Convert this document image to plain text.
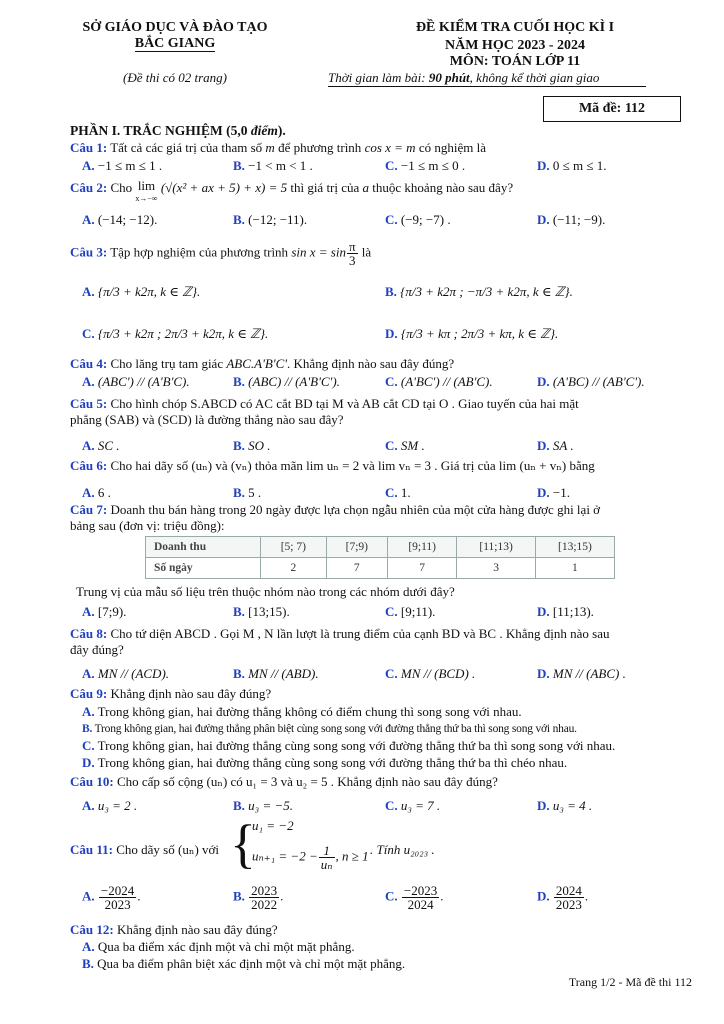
SỞ GIÁO DỤC VÀ ĐÀO TẠO
BẮC GIANG
(Đề thi có 02 trang)
ĐỀ KIỂM TRA CUỐI HỌC KÌ I
NĂM HỌC 2023 - 2024
MÔN: TOÁN LỚP 11
Thời gian làm bài: 90 phút, không kể thời gian giao
Mã đề: 112
PHẦN I. TRẮC NGHIỆM (5,0 điểm).
Câu 1: Tất cả các giá trị của tham số m để phương trình cos x = m có nghiệm là
A. −1 ≤ m ≤ 1 .	B. −1 < m < 1 .	C. −1 ≤ m ≤ 0 .	D. 0 ≤ m ≤ 1.
Câu 2: Cho lim
x→−∞ (√(x² + ax + 5) + x) = 5 thì giá trị của a thuộc khoảng nào sau đây?
A. (−14; −12).	B. (−12; −11).	C. (−9; −7) .	D. (−11; −9).
Câu 3: Tập hợp nghiệm của phương trình $\sin x = \sin \frac{\pi}{3}$ là
A. {π/3 + k2π, k ∈ ℤ}.	B. {π/3 + k2π ; −π/3 + k2π, k ∈ ℤ}.
C. {π/3 + k2π ; 2π/3 + k2π, k ∈ ℤ}.	D. {π/3 + kπ ; 2π/3 + kπ, k ∈ ℤ}.
Câu 4: Cho lăng trụ tam giác ABC.A'B'C'. Khẳng định nào sau đây đúng?
A. (ABC') // (A'B'C).	B. (ABC) // (A'B'C').	C. (A'BC') // (AB'C).	D. (A'BC) // (AB'C').
Câu 5: Cho hình chóp S.ABCD có AC cắt BD tại M và AB cắt CD tại O . Giao tuyến của hai mặt
phẳng (SAB) và (SCD) là đường thẳng nào sau đây?
A. SC .	B. SO .	C. SM .	D. SA .
Câu 6: Cho hai dãy số (uₙ) và (vₙ) thỏa mãn lim uₙ = 2 và lim vₙ = 3 . Giá trị của lim (uₙ + vₙ) bằng
A. 6 .	B. 5 .	C. 1.	D. −1.
Câu 7: Doanh thu bán hàng trong 20 ngày được lựa chọn ngẫu nhiên của một cửa hàng được ghi lại ở
bảng sau (đơn vị: triệu đồng):
Doanh thu	[5; 7)	[7;9)	[9;11)	[11;13)	[13;15)
Số ngày	2	7	7	3	1
Trung vị của mẫu số liệu trên thuộc nhóm nào trong các nhóm dưới đây?
A. [7;9).	B. [13;15).	C. [9;11).	D. [11;13).
Câu 8: Cho tứ diện ABCD . Gọi M , N lần lượt là trung điểm của cạnh BD và BC . Khẳng định nào sau
đây đúng?
A. MN // (ACD).	B. MN // (ABD).	C. MN // (BCD) .	D. MN // (ABC) .
Câu 9: Khẳng định nào sau đây đúng?
A. Trong không gian, hai đường thẳng không có điểm chung thì song song với nhau.
B. Trong không gian, hai đường thẳng phân biệt cùng song song với đường thẳng thứ ba thì song song với nhau.
C. Trong không gian, hai đường thẳng cùng song song với đường thẳng thứ ba thì song song với nhau.
D. Trong không gian, hai đường thẳng cùng song song với đường thẳng thứ ba thì chéo nhau.
Câu 10: Cho cấp số cộng (uₙ) có u₁ = 3 và u₂ = 5 . Khẳng định nào sau đây đúng?
A. u₃ = 2 .	B. u₃ = −5.	C. u₃ = 7 .	D. u₃ = 4 .
Câu 11: Cho dãy số (uₙ) với {
u₁ = −2
$u_{n+1} = -2 - \frac{1}{\text{uₙ}}$ , n ≥ 1 . Tính u₂₀₂₃ .
A. $\frac{-2024}{2023}$ .	B. $\frac{2023}{2022}$ .	C. $\frac{-2023}{2024}$ .	D. $\frac{2024}{2023}$ .
Câu 12: Khẳng định nào sau đây đúng?
A. Qua ba điểm xác định một và chỉ một mặt phẳng.
B. Qua ba điểm phân biệt xác định một và chỉ một mặt phẳng.
Trang 1/2 - Mã đề thi 112
